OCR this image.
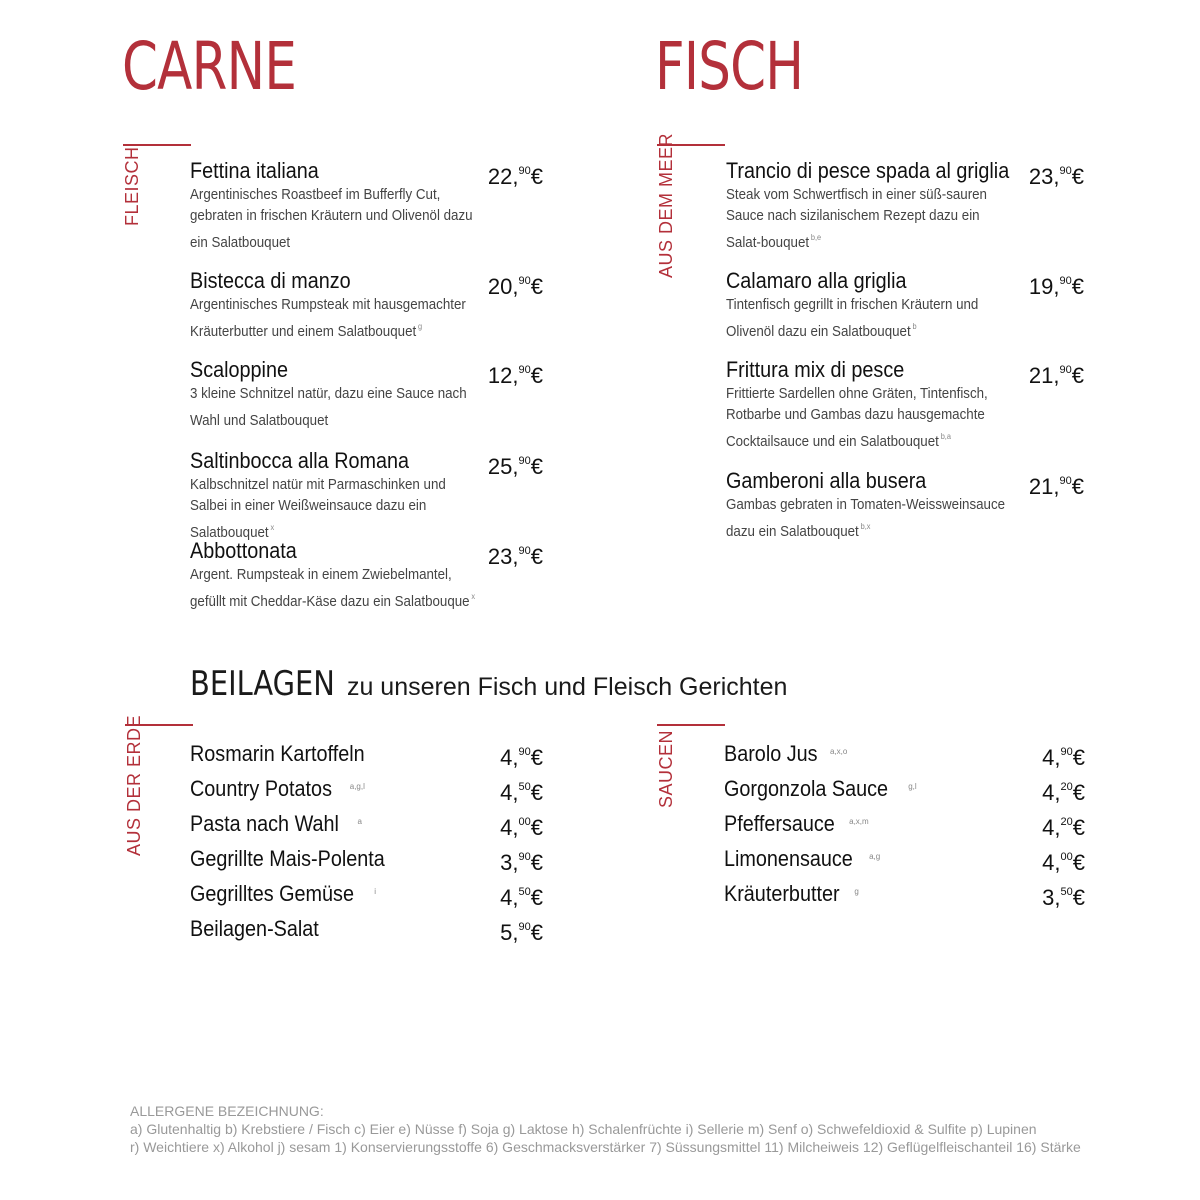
CARNE	FISCH
FLEISCH	AUS DEM MEER
AUS DER ERDE	SAUCEN
Fettina italiana
Argentinisches Roastbeef im Bufferfly Cut, gebraten in frischen Kräutern und Olivenöl dazu ein Salatbouquet
22,90€
Bistecca di manzo
Argentinisches Rumpsteak mit hausgemachter Kräuterbutter und einem Salatbouquet $^g$
20,90€
Scaloppine
3 kleine Schnitzel natür, dazu eine Sauce nach Wahl und Salatbouquet
12,90€
Saltinbocca alla Romana
Kalbschnitzel natür mit Parmaschinken und Salbei in einer Weißweinsauce dazu ein Salatbouquet $^x$
25,90€
Abbottonata
Argent. Rumpsteak in einem Zwiebelmantel, gefüllt mit Cheddar-Käse dazu ein Salatbouque $^x$
23,90€
Trancio di pesce spada al griglia
Steak vom Schwertfisch in einer süß-sauren Sauce nach sizilanischem Rezept dazu ein Salat-bouquet $^{b,e}$
23,90€
Calamaro alla griglia
Tintenfisch gegrillt in frischen Kräutern und Olivenöl dazu ein Salatbouquet $^b$
19,90€
Frittura mix di pesce
Frittierte Sardellen ohne Gräten, Tintenfisch, Rotbarbe und Gambas dazu hausgemachte Cocktailsauce und ein Salatbouquet $^{b,a}$
21,90€
Gamberoni alla busera
Gambas gebraten in Tomaten-Weissweinsauce dazu ein Salatbouquet $^{b,x}$
21,90€
BEILAGEN zu unseren Fisch und Fleisch Gerichten
Rosmarin Kartoffeln	4,90€
Country Potatos $^{a,g,l}$	4,50€
Pasta nach Wahl $^a$	4,00€
Gegrillte Mais-Polenta	3,90€
Gegrilltes Gemüse	$^i$	4,50€
Beilagen-Salat	5,90€
Barolo Jus $^{a,x,o}$	4,90€
Gorgonzola Sauce	$^{g,l}$	4,20€
Pfeffersauce $^{a,x,m}$	4,20€
Limonensauce $^{a,g}$	4,00€
Kräuterbutter $^g$	3,50€
ALLERGENE BEZEICHNUNG:
a) Glutenhaltig b) Krebstiere / Fisch c) Eier e) Nüsse f) Soja g) Laktose h) Schalenfrüchte i) Sellerie m) Senf o) Schwefeldioxid & Sulfite p) Lupinen
r) Weichtiere x) Alkohol j) sesam 1) Konservierungsstoffe 6) Geschmacksverstärker 7) Süssungsmittel 11) Milcheiweis 12) Geflügelfleischanteil 16) Stärke
